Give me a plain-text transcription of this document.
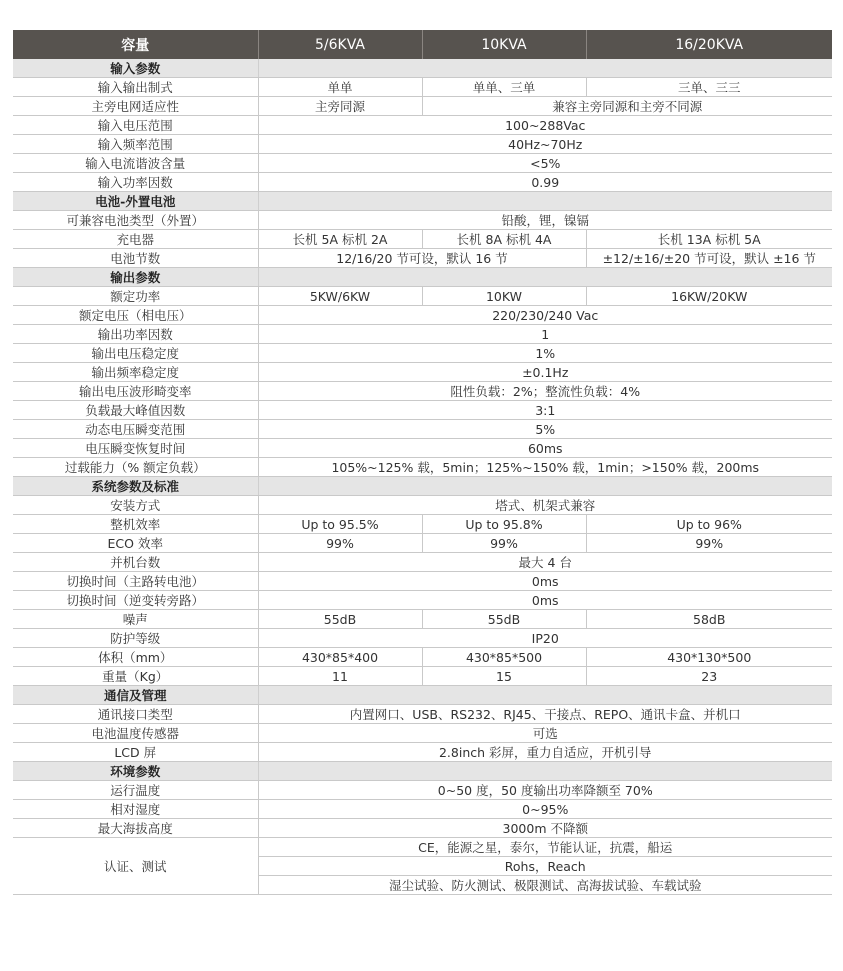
容量	5/6KVA	10KVA	16/20KVA
输入参数			
输入输出制式	单单	单单、三单	三单、三三
主旁电网适应性	主旁同源	兼容主旁同源和主旁不同源	
输入电压范围	100~288Vac		
输入频率范围	40Hz~70Hz		
输入电流谐波含量	<5%		
输入功率因数	0.99		
电池-外置电池			
可兼容电池类型（外置）	铅酸，锂，镍镉		
充电器	长机 5A 标机 2A	长机 8A 标机 4A	长机 13A 标机 5A
电池节数	12/16/20 节可设，默认 16 节		±12/±16/±20 节可设，默认 ±16 节
输出参数			
额定功率	5KW/6KW	10KW	16KW/20KW
额定电压（相电压）	220/230/240 Vac		
输出功率因数	1		
输出电压稳定度	1%		
输出频率稳定度	±0.1Hz		
输出电压波形畸变率	阻性负载：2%；整流性负载：4%		
负载最大峰值因数	3:1		
动态电压瞬变范围	5%		
电压瞬变恢复时间	60ms		
过载能力（% 额定负载）	105%~125% 载，5min；125%~150% 载，1min；>150% 载，200ms		
系统参数及标准			
安装方式	塔式、机架式兼容		
整机效率	Up to 95.5%	Up to 95.8%	Up to 96%
ECO 效率	99%	99%	99%
并机台数	最大 4 台		
切换时间（主路转电池）	0ms		
切换时间（逆变转旁路）	0ms		
噪声	55dB	55dB	58dB
防护等级	IP20		
体积（mm）	430*85*400	430*85*500	430*130*500
重量（Kg）	11	15	23
通信及管理			
通讯接口类型	内置网口、USB、RS232、RJ45、干接点、REPO、通讯卡盒、并机口		
电池温度传感器	可选		
LCD 屏	2.8inch 彩屏，重力自适应，开机引导		
环境参数			
运行温度	0~50 度，50 度输出功率降额至 70%		
相对湿度	0~95%		
最大海拔高度	3000m 不降额		
认证、测试	CE，能源之星，泰尔，节能认证，抗震，船运		
	Rohs，Reach		
	湿尘试验、防火测试、极限测试、高海拔试验、车载试验		
